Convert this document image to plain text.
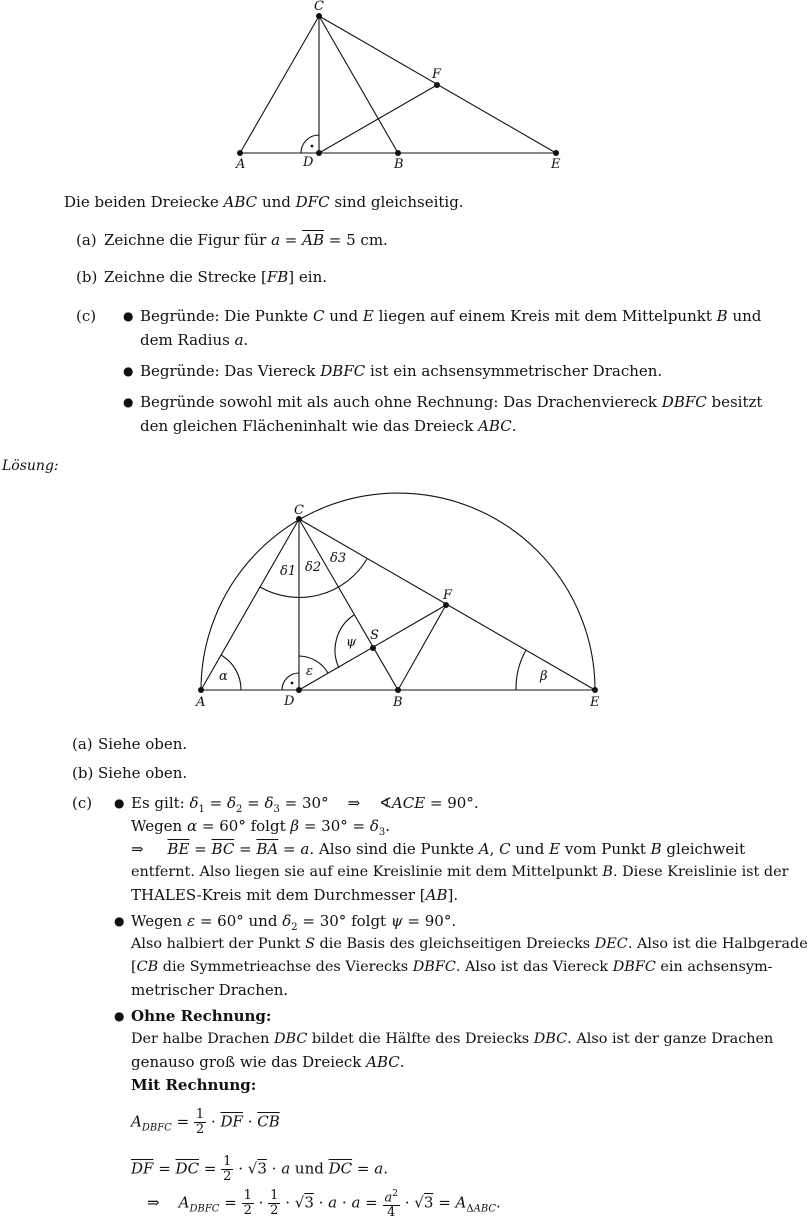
C
F
A	D	B	E
Die beiden Dreiecke ABC und DFC sind gleichseitig.
(a) Zeichne die Figur für $a = \overline{AB} = 5$ cm.
(b) Zeichne die Strecke [FB] ein.
(c) ● Begründe: Die Punkte C und E liegen auf einem Kreis mit dem Mittelpunkt B und
dem Radius a.
● Begründe: Das Viereck DBFC ist ein achsensymmetrischer Drachen.
● Begründe sowohl mit als auch ohne Rechnung: Das Drachenviereck DBFC besitzt
den gleichen Flächeninhalt wie das Dreieck ABC.
Lösung:
C
F
S
A	D	B	E
δ1 δ2
δ3
ψ
ε
α	β
(a) Siehe oben.
(b) Siehe oben.
(c) ● Es gilt: $\delta_1 = \delta_2 = \delta_3 = 30^\circ$    ⇒    ∢ACE = 90°.
Wegen α = 60° folgt $\beta = 30^\circ = \delta_3$.
⇒     $\overline{BE} = \overline{BC} = \overline{BA} = a$. Also sind die Punkte A, C und E vom Punkt B gleichweit
entfernt. Also liegen sie auf eine Kreislinie mit dem Mittelpunkt B. Diese Kreislinie ist der
THALES-Kreis mit dem Durchmesser [AB].
● Wegen ε = 60° und $\delta_2 = 30^\circ$ folgt ψ = 90°.
Also halbiert der Punkt S die Basis des gleichseitigen Dreiecks DEC. Also ist die Halbgerade
[CB die Symmetrieachse des Vierecks DBFC. Also ist das Viereck DBFC ein achsensym-
metrischer Drachen.
● Ohne Rechnung:
Der halbe Drachen DBC bildet die Hälfte des Dreiecks DBC. Also ist der ganze Drachen
genauso groß wie das Dreieck ABC.
Mit Rechnung:
$A_{DBFC} = \frac{1}{2} \cdot \overline{DF} \cdot \overline{CB}$
$\overline{DF} = \overline{DC} = \frac{1}{2} \cdot √3 \cdot a$ und $\overline{DC} = a$.
⇒    $A_{DBFC} = \frac{1}{2} \cdot \frac{1}{2} \cdot √3 \cdot a \cdot a = \frac{a^2}{4} \cdot √3 = A_{\Delta ABC}$.
